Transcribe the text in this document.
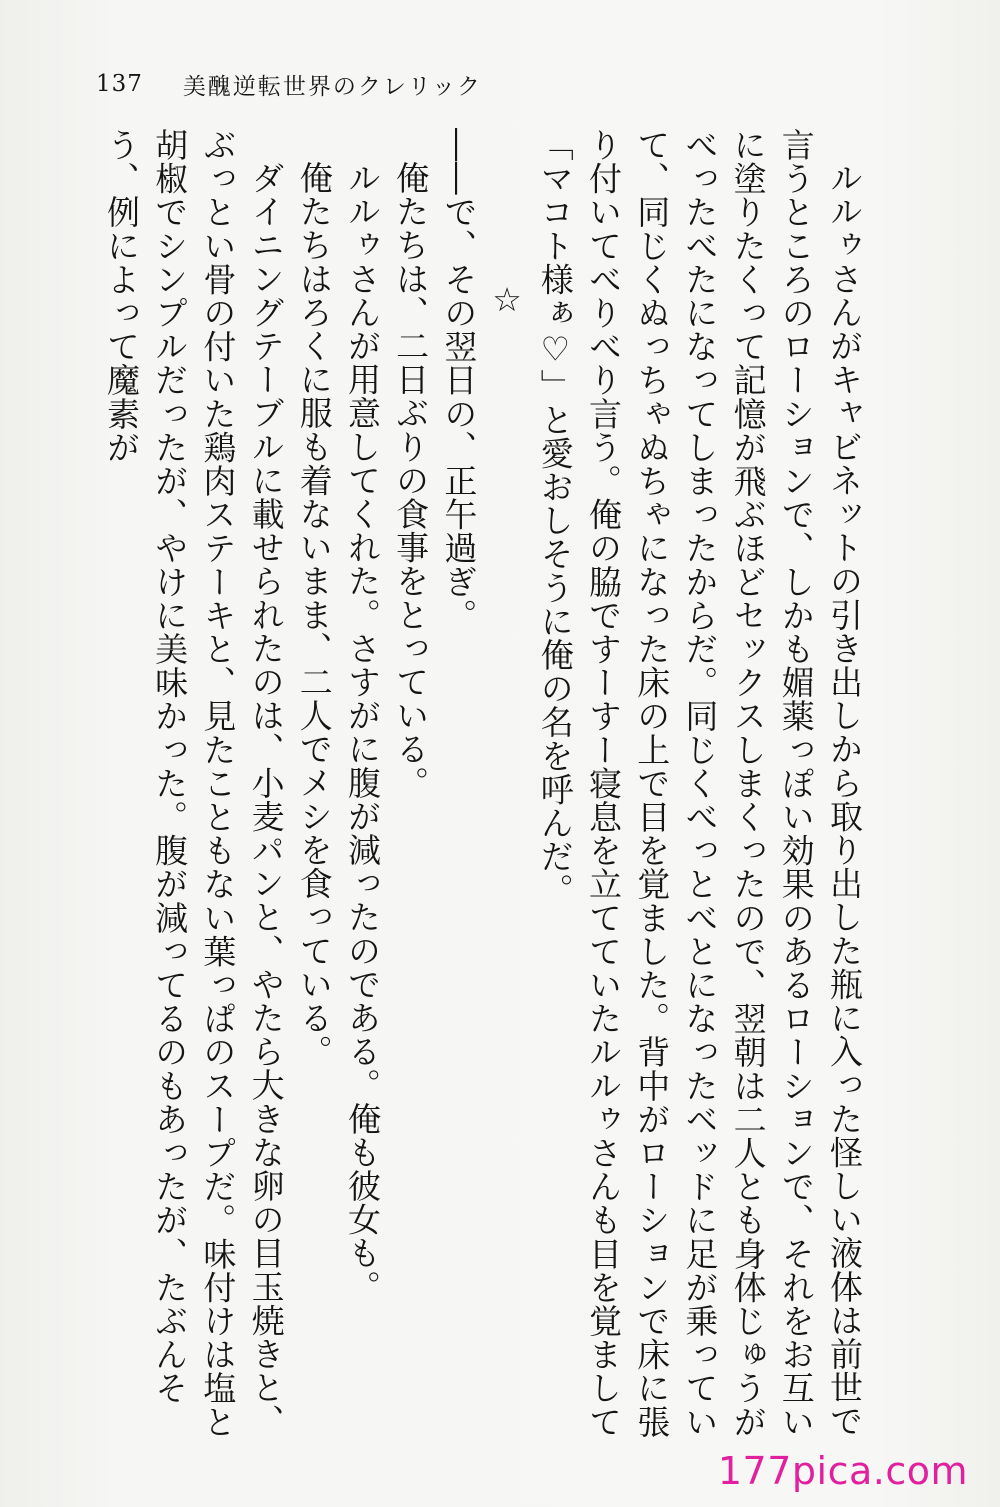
137 美醜逆転世界のクレリック

ルルゥさんがキャビネットの引き出しから取り出した瓶に入った怪しい液体は前世で言うところのローションで、しかも媚薬っぽい効果のあるローションで、それをお互いに塗りたくって記憶が飛ぶほどセックスしまくったので、翌朝は二人とも身体じゅうがべったべたになってしまったからだ。同じくべっとべとになったベッドに足が乗っていて、同じくぬっちゃぬちゃになった床の上で目を覚ました。背中がローションで床に張り付いてべりべり言う。俺の脇ですーすー寝息を立てていたルルゥさんも目を覚まして「マコト様ぁ♡」と愛おしそうに俺の名を呼んだ。

☆

――で、その翌日の、正午過ぎ。

俺たちは、二日ぶりの食事をとっている。

ルルゥさんが用意してくれた。さすがに腹が減ったのである。俺も彼女も。

俺たちはろくに服も着ないまま、二人でメシを食っている。

ダイニングテーブルに載せられたのは、小麦パンと、やたら大きな卵の目玉焼きと、ぶっとい骨の付いた鶏肉ステーキと、見たこともない葉っぱのスープだ。味付けは塩と胡椒でシンプルだったが、やけに美味かった。腹が減ってるのもあったが、たぶんそう、例によって魔素が

177pica.com
